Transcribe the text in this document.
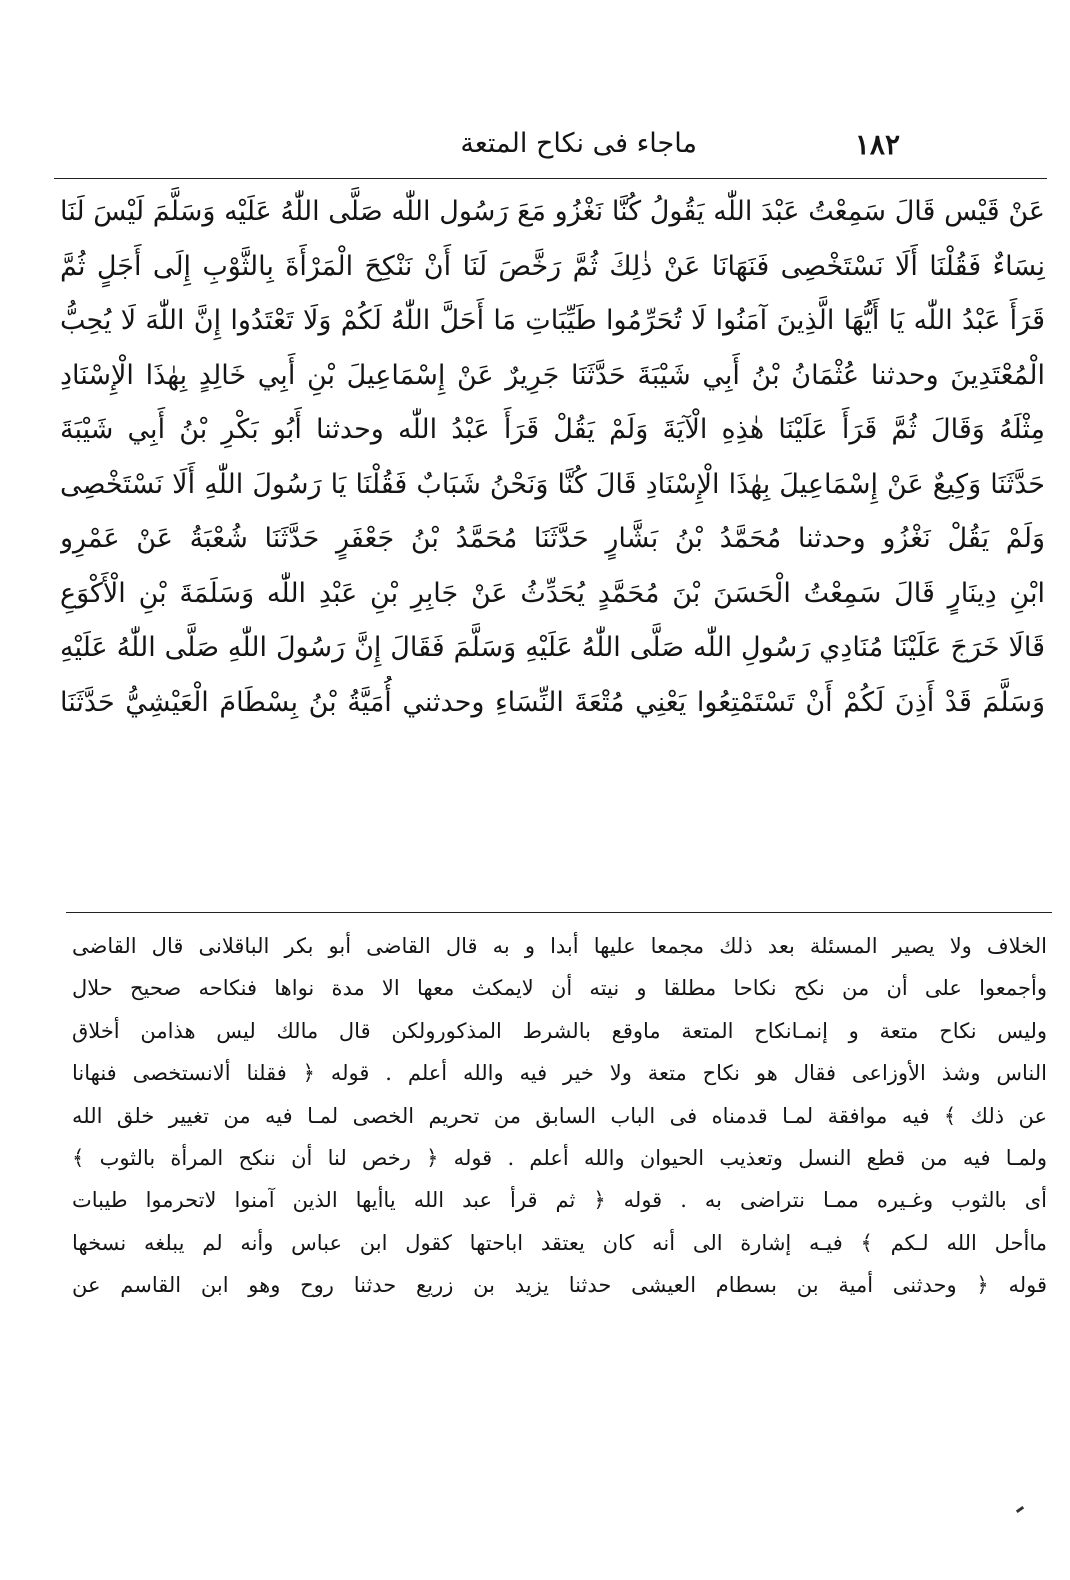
١٨٢
ماجاء فى نكاح المتعة
عَنْ قَيْس قَالَ سَمِعْتُ عَبْدَ اللّٰه يَقُولُ كُنَّا نَغْزُو مَعَ رَسُول اللّٰه صَلَّى اللّٰهُ عَلَيْه وَسَلَّمَ لَيْسَ لَنَا
نِسَاءٌ فَقُلْنَا أَلَا نَسْتَخْصِى فَنَهَانَا عَنْ ذٰلِكَ ثُمَّ رَخَّصَ لَنَا أَنْ نَنْكِحَ الْمَرْأَةَ بِالثَّوْبِ إِلَى أَجَلٍ ثُمَّ
قَرَأَ عَبْدُ اللّٰه يَا أَيُّهَا الَّذِينَ آمَنُوا لَا تُحَرِّمُوا طَيِّبَاتِ مَا أَحَلَّ اللّٰهُ لَكُمْ وَلَا تَعْتَدُوا إِنَّ اللّٰهَ لَا يُحِبُّ
الْمُعْتَدِينَ وحدثنا عُثْمَانُ بْنُ أَبِي شَيْبَةَ حَدَّثَنَا جَرِيرٌ عَنْ إِسْمَاعِيلَ بْنِ أَبِي خَالِدٍ بِهٰذَا الْإِسْنَادِ
مِثْلَهُ وَقَالَ ثُمَّ قَرَأَ عَلَيْنَا هٰذِهِ الْآيَةَ وَلَمْ يَقُلْ قَرَأَ عَبْدُ اللّٰه وحدثنا أَبُو بَكْرِ بْنُ أَبِي شَيْبَةَ
حَدَّثَنَا وَكِيعٌ عَنْ إِسْمَاعِيلَ بِهٰذَا الْإِسْنَادِ قَالَ كُنَّا وَنَحْنُ شَبَابٌ فَقُلْنَا يَا رَسُولَ اللّٰهِ أَلَا نَسْتَخْصِى
وَلَمْ يَقُلْ نَغْزُو وحدثنا مُحَمَّدُ بْنُ بَشَّارٍ حَدَّثَنَا مُحَمَّدُ بْنُ جَعْفَرٍ حَدَّثَنَا شُعْبَةُ عَنْ عَمْرِو
ابْنِ دِينَارٍ قَالَ سَمِعْتُ الْحَسَنَ بْنَ مُحَمَّدٍ يُحَدِّثُ عَنْ جَابِرِ بْنِ عَبْدِ اللّٰه وَسَلَمَةَ بْنِ الْأَكْوَعِ
قَالَا خَرَجَ عَلَيْنَا مُنَادِي رَسُولِ اللّٰه صَلَّى اللّٰهُ عَلَيْهِ وَسَلَّمَ فَقَالَ إِنَّ رَسُولَ اللّٰهِ صَلَّى اللّٰهُ عَلَيْهِ
وَسَلَّمَ قَدْ أَذِنَ لَكُمْ أَنْ تَسْتَمْتِعُوا يَعْنِي مُتْعَةَ النِّسَاءِ وحدثني أُمَيَّةُ بْنُ بِسْطَامَ الْعَيْشِيُّ حَدَّثَنَا
الخلاف ولا يصير المسئلة بعد ذلك مجمعا عليها أبدا و به قال القاضى أبو بكر الباقلانى قال القاضى
وأجمعوا على أن من نكح نكاحا مطلقا و نيته أن لايمكث معها الا مدة نواها فنكاحه صحيح حلال
وليس نكاح متعة و إنمـانكاح المتعة ماوقع بالشرط المذكورولكن قال مالك ليس هذامن أخلاق
الناس وشذ الأوزاعى فقال هو نكاح متعة ولا خير فيه والله أعلم . قوله ﴿ فقلنا ألانستخصى فنهانا
عن ذلك ﴾ فيه موافقة لمـا قدمناه فى الباب السابق من تحريم الخصى لمـا فيه من تغيير خلق الله
ولمـا فيه من قطع النسل وتعذيب الحيوان والله أعلم . قوله ﴿ رخص لنا أن ننكح المرأة بالثوب ﴾
أى بالثوب وغـيره ممـا نتراضى به . قوله ﴿ ثم قرأ عبد الله ياأيها الذين آمنوا لاتحرموا طيبات
ماأحل الله لـكم ﴾ فيـه إشارة الى أنه كان يعتقد اباحتها كقول ابن عباس وأنه لم يبلغه نسخها
قوله ﴿ وحدثنى أمية بن بسطام العيشى حدثنا يزيد بن زريع حدثنا روح وهو ابن القاسم عن
